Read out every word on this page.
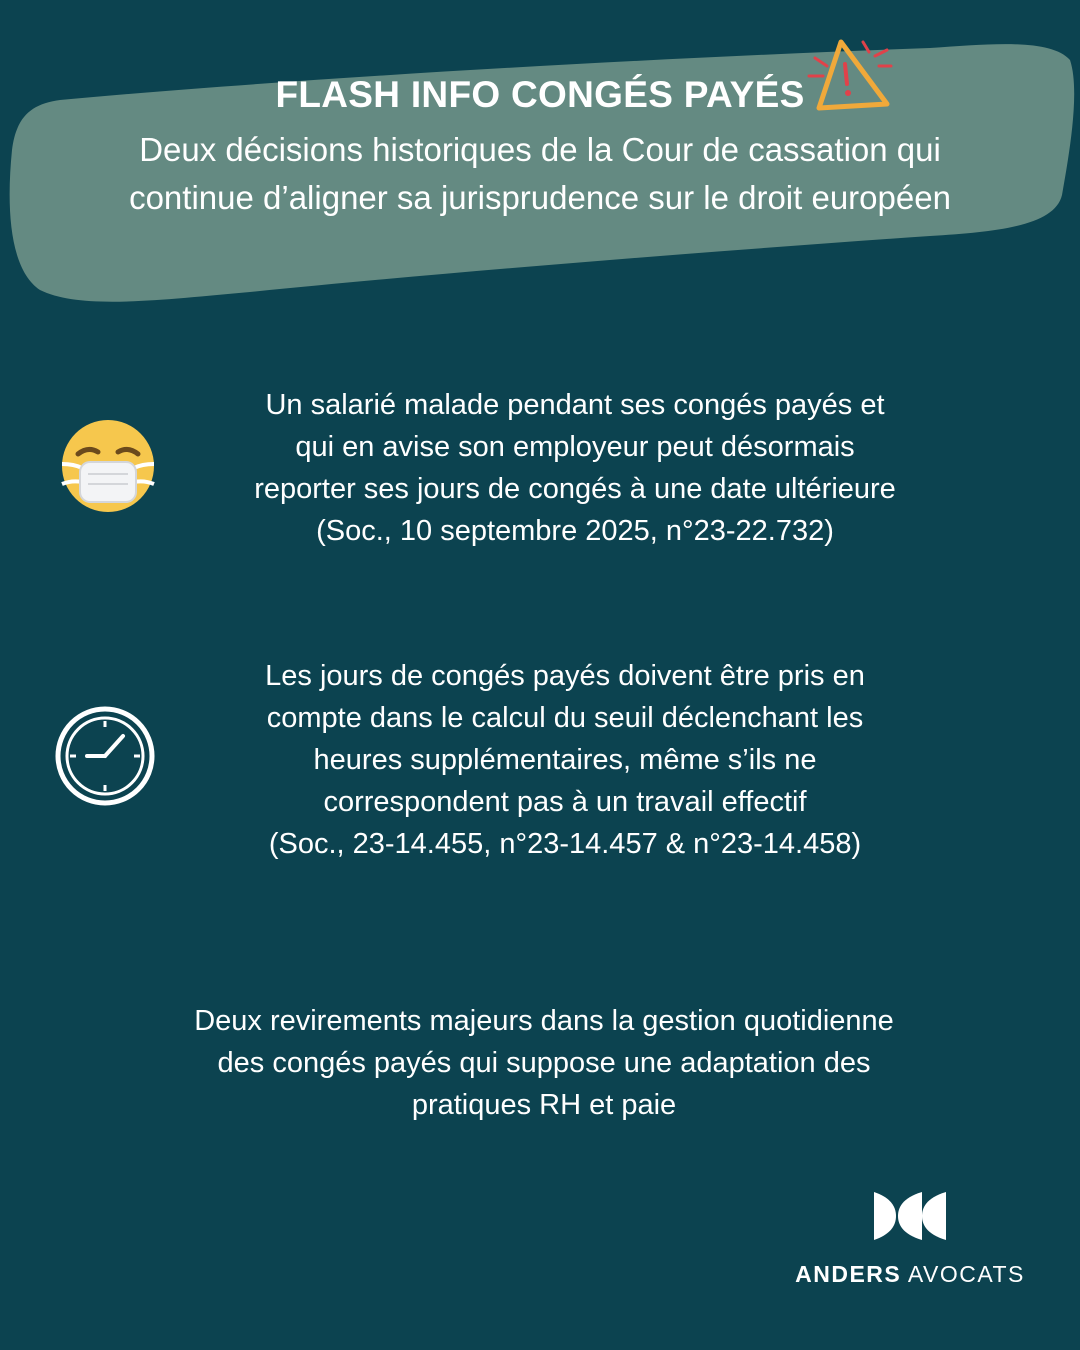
FLASH INFO CONGÉS PAYÉS
Deux décisions historiques de la Cour de cassation qui
continue d’aligner sa jurisprudence sur le droit européen
Un salarié malade pendant ses congés payés et
qui en avise son employeur peut désormais
reporter ses jours de congés à une date ultérieure
(Soc., 10 septembre 2025, n°23-22.732)
Les jours de congés payés doivent être pris en
compte dans le calcul du seuil déclenchant les
heures supplémentaires, même s’ils ne
correspondent pas à un travail effectif
(Soc., 23-14.455, n°23-14.457 & n°23-14.458)
Deux revirements majeurs dans la gestion quotidienne
des congés payés qui suppose une adaptation des
pratiques RH et paie
ANDERS AVOCATS
